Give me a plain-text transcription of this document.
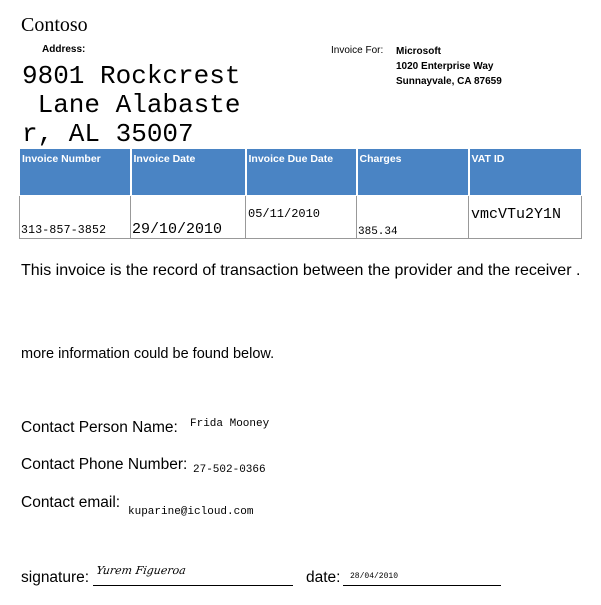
Contoso
Address:
9801 Rockcrest
Lane Alabaste
r, AL 35007
Invoice For: Microsoft
1020 Enterprise Way
Sunnayvale, CA 87659
Invoice Number	Invoice Date	Invoice Due Date	Charges	VAT ID

313-857-3852	29/10/2010	05/11/2010	385.34	vmcVTu2Y1N
This invoice is the record of transaction between the provider and the receiver .
more information could be found below.
Contact Person Name: Frida Mooney
Contact Phone Number: 27-502-0366
Contact email:
kuparine@icloud.com
signature: Yurem Figueroa	date: 28/04/2010
